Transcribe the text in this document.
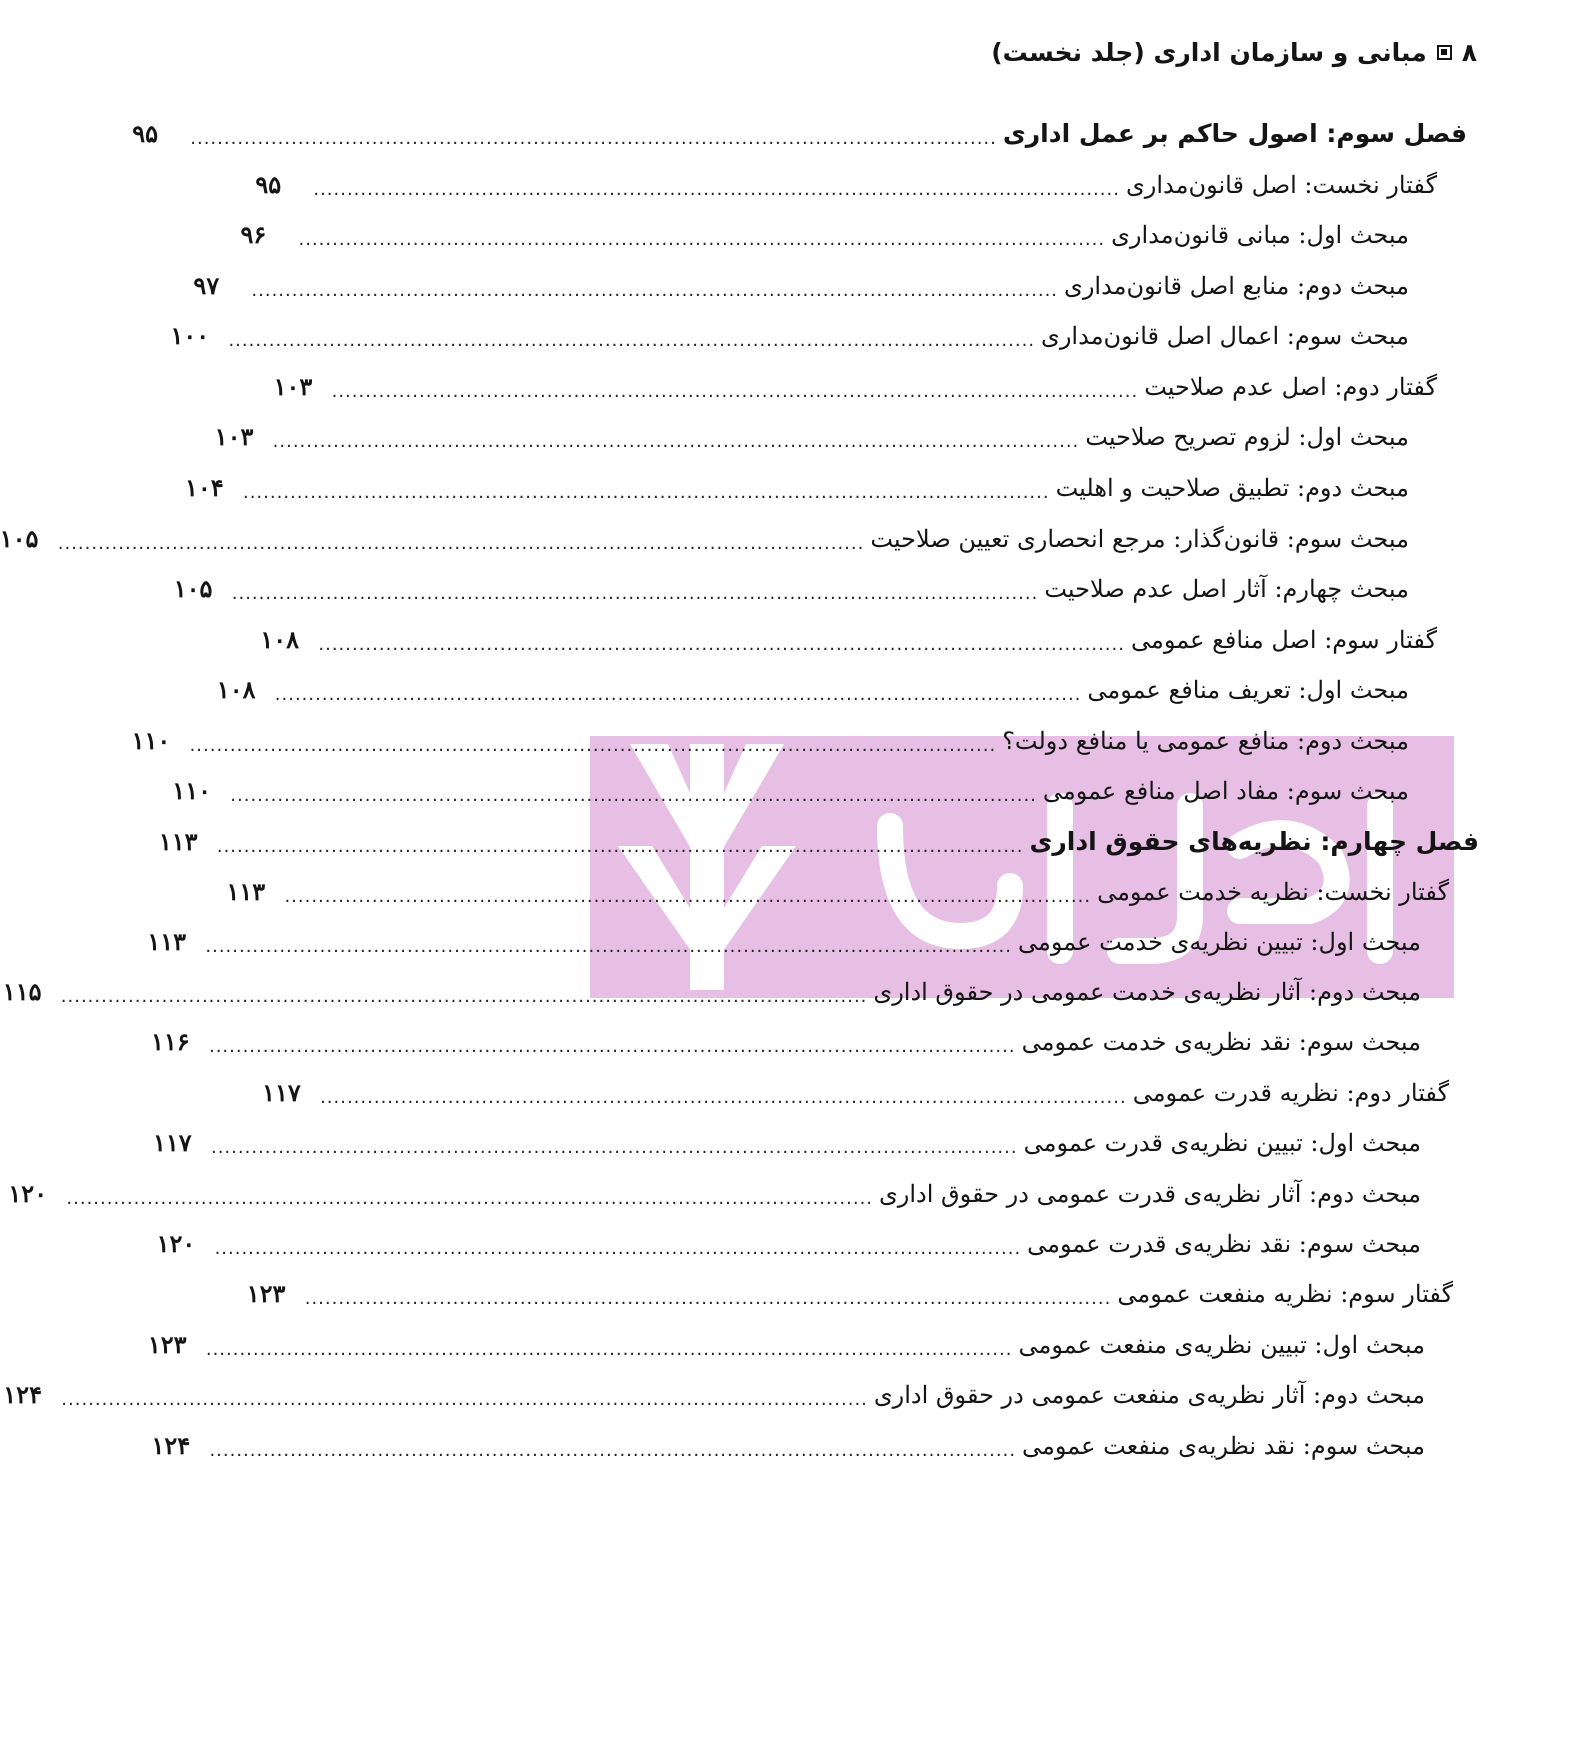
۸
مبانی و سازمان اداری (جلد نخست)
فصل سوم: اصول حاکم بر عمل اداری
........................................................................................................................
۹۵
گفتار نخست: اصل قانون‌مداری
........................................................................................................................
۹۵
مبحث اول: مبانی قانون‌مداری
........................................................................................................................
۹۶
مبحث دوم: منابع اصل قانون‌مداری
........................................................................................................................
۹۷
مبحث سوم: اعمال اصل قانون‌مداری
........................................................................................................................
۱۰۰
گفتار دوم: اصل عدم صلاحیت
........................................................................................................................
۱۰۳
مبحث اول: لزوم تصریح صلاحیت
........................................................................................................................
۱۰۳
مبحث دوم: تطبیق صلاحیت و اهلیت
........................................................................................................................
۱۰۴
مبحث سوم: قانون‌گذار: مرجع انحصاری تعیین صلاحیت
........................................................................................................................
۱۰۵
مبحث چهارم: آثار اصل عدم صلاحیت
........................................................................................................................
۱۰۵
گفتار سوم: اصل منافع عمومی
........................................................................................................................
۱۰۸
مبحث اول: تعریف منافع عمومی
........................................................................................................................
۱۰۸
مبحث دوم: منافع عمومی یا منافع دولت؟
........................................................................................................................
۱۱۰
مبحث سوم: مفاد اصل منافع عمومی
........................................................................................................................
۱۱۰
فصل چهارم: نظریه‌های حقوق اداری
........................................................................................................................
۱۱۳
گفتار نخست: نظریه خدمت عمومی
........................................................................................................................
۱۱۳
مبحث اول: تبیین نظریه‌ی خدمت عمومی
........................................................................................................................
۱۱۳
مبحث دوم: آثار نظریه‌ی خدمت عمومی در حقوق اداری
........................................................................................................................
۱۱۵
مبحث سوم: نقد نظریه‌ی خدمت عمومی
........................................................................................................................
۱۱۶
گفتار دوم: نظریه قدرت عمومی
........................................................................................................................
۱۱۷
مبحث اول: تبیین نظریه‌ی قدرت عمومی
........................................................................................................................
۱۱۷
مبحث دوم: آثار نظریه‌ی قدرت عمومی در حقوق اداری
........................................................................................................................
۱۲۰
مبحث سوم: نقد نظریه‌ی قدرت عمومی
........................................................................................................................
۱۲۰
گفتار سوم: نظریه منفعت عمومی
........................................................................................................................
۱۲۳
مبحث اول: تبیین نظریه‌ی منفعت عمومی
........................................................................................................................
۱۲۳
مبحث دوم: آثار نظریه‌ی منفعت عمومی در حقوق اداری
........................................................................................................................
۱۲۴
مبحث سوم: نقد نظریه‌ی منفعت عمومی
........................................................................................................................
۱۲۴
